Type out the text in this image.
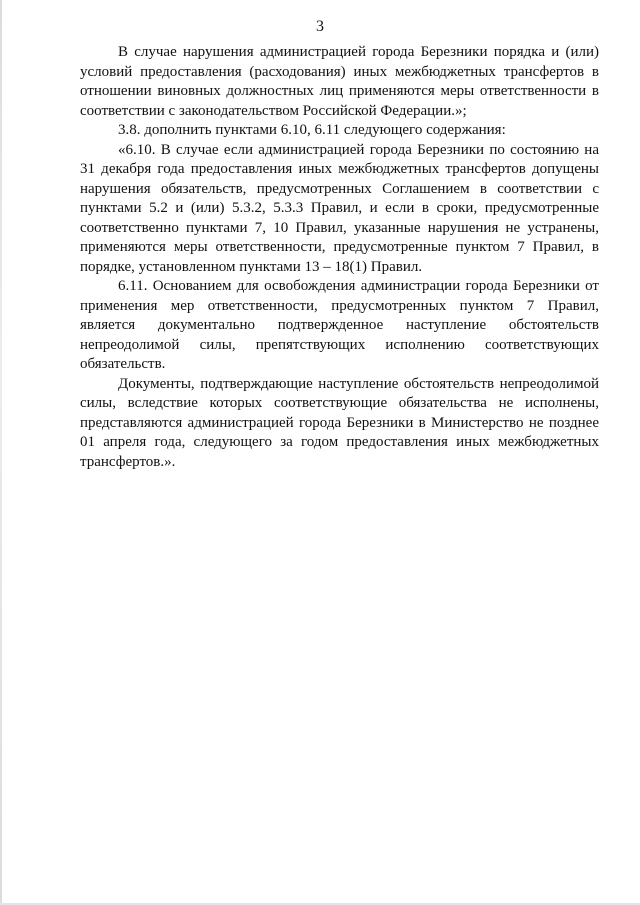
3

В случае нарушения администрацией города Березники порядка и (или) условий предоставления (расходования) иных межбюджетных трансфертов в отношении виновных должностных лиц применяются меры ответственности в соответствии с законодательством Российской Федерации.»;

3.8. дополнить пунктами 6.10, 6.11 следующего содержания:

«6.10. В случае если администрацией города Березники по состоянию на 31 декабря года предоставления иных межбюджетных трансфертов допущены нарушения обязательств, предусмотренных Соглашением в соответствии с пунктами 5.2 и (или) 5.3.2, 5.3.3 Правил, и если в сроки, предусмотренные соответственно пунктами 7, 10 Правил, указанные нарушения не устранены, применяются меры ответственности, предусмотренные пунктом 7 Правил, в порядке, установленном пунктами 13 – 18(1) Правил.

6.11. Основанием для освобождения администрации города Березники от применения мер ответственности, предусмотренных пунктом 7 Правил, является документально подтвержденное наступление обстоятельств непреодолимой силы, препятствующих исполнению соответствующих обязательств.

Документы, подтверждающие наступление обстоятельств непреодолимой силы, вследствие которых соответствующие обязательства не исполнены, представляются администрацией города Березники в Министерство не позднее 01 апреля года, следующего за годом предоставления иных межбюджетных трансфертов.».
